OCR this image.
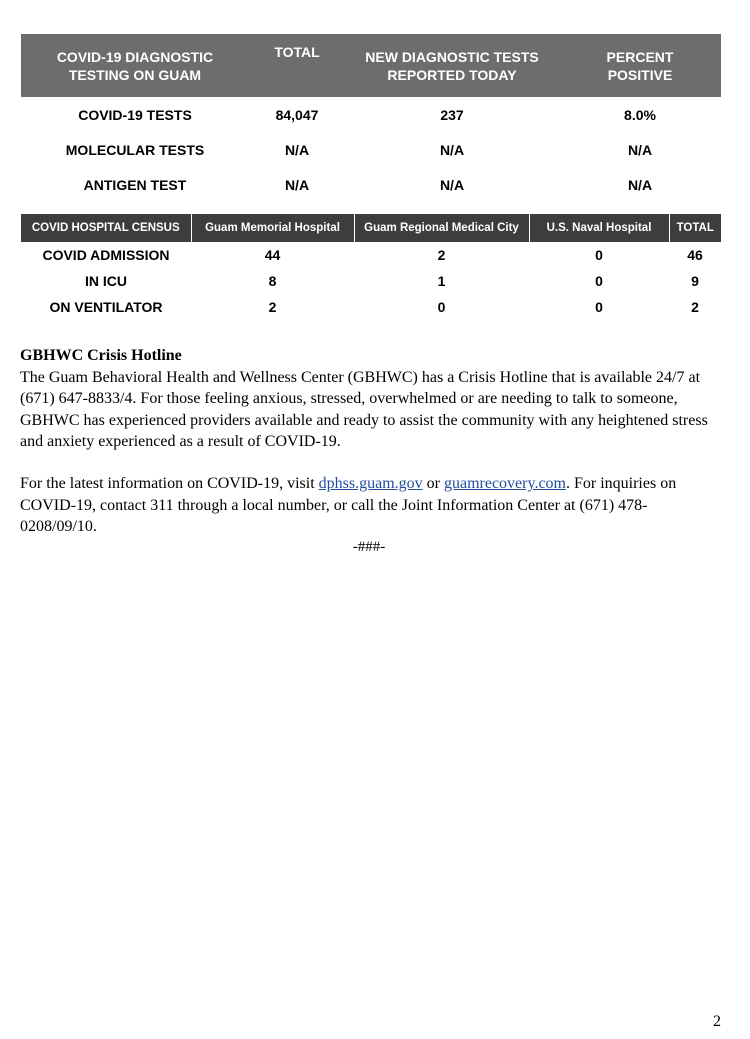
COVID-19 DIAGNOSTIC TESTING ON GUAM	TOTAL	NEW DIAGNOSTIC TESTS REPORTED TODAY	PERCENT POSITIVE
COVID-19 TESTS	84,047	237	8.0%
MOLECULAR TESTS	N/A	N/A	N/A
ANTIGEN TEST	N/A	N/A	N/A
COVID HOSPITAL CENSUS	Guam Memorial Hospital	Guam Regional Medical City	U.S. Naval Hospital	TOTAL
COVID ADMISSION	44	2	0	46
IN ICU	8	1	0	9
ON VENTILATOR	2	0	0	2
GBHWC Crisis Hotline
The Guam Behavioral Health and Wellness Center (GBHWC) has a Crisis Hotline that is available 24/7 at (671) 647-8833/4. For those feeling anxious, stressed, overwhelmed or are needing to talk to someone, GBHWC has experienced providers available and ready to assist the community with any heightened stress and anxiety experienced as a result of COVID-19.
For the latest information on COVID-19, visit dphss.guam.gov or guamrecovery.com. For inquiries on COVID-19, contact 311 through a local number, or call the Joint Information Center at (671) 478-0208/09/10.
-###-
2
